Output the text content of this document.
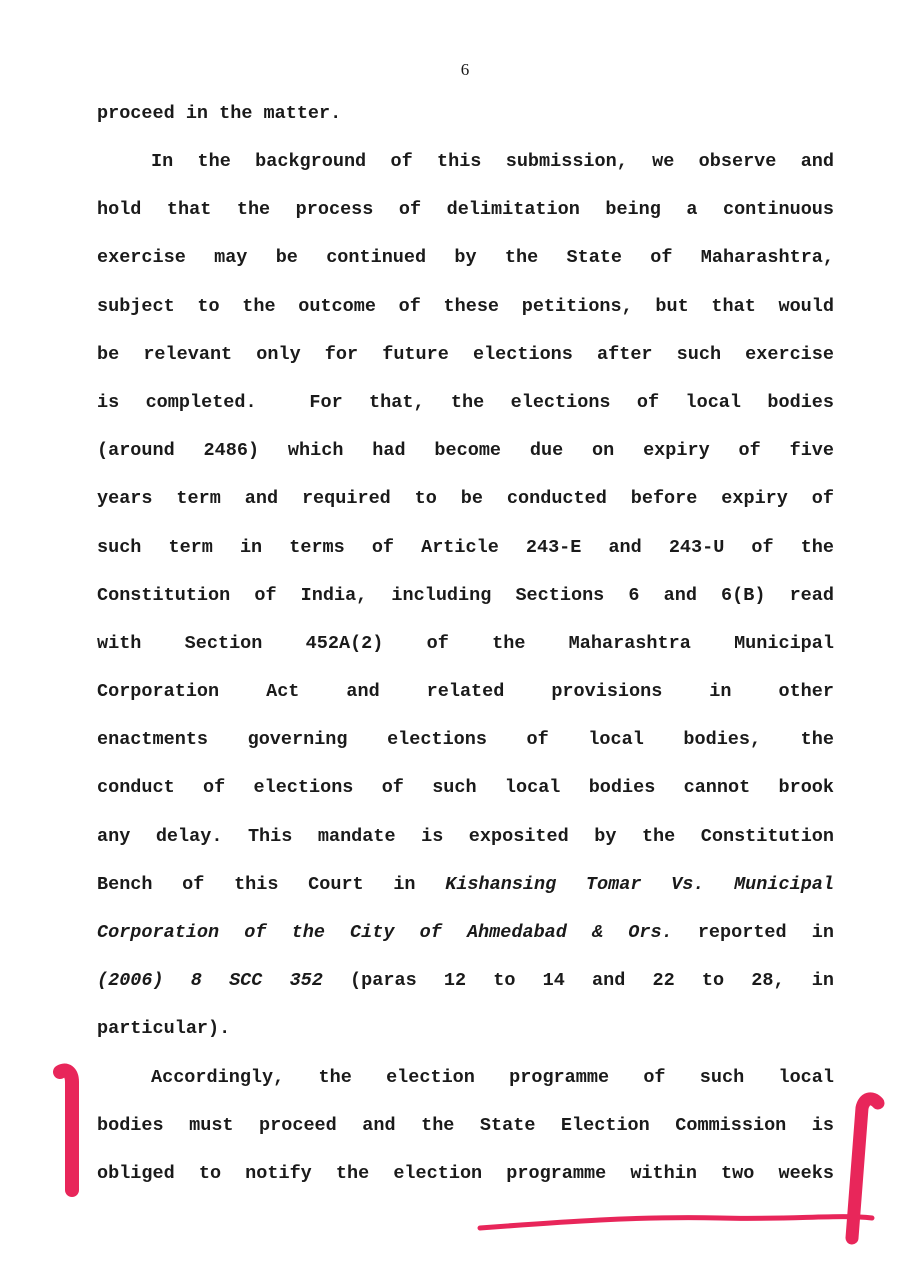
6
proceed in the matter.
In the background of this submission, we observe and
hold that the process of delimitation being a continuous
exercise may be continued by the State of Maharashtra,
subject to the outcome of these petitions, but that would
be relevant only for future elections after such exercise
is completed.  For that, the elections of local bodies
(around 2486) which had become due on expiry of five
years term and required to be conducted before expiry of
such term in terms of Article 243-E and 243-U of the
Constitution of India, including Sections 6 and 6(B) read
with Section 452A(2) of the Maharashtra Municipal
Corporation Act and related provisions in other
enactments governing elections of local bodies, the
conduct of elections of such local bodies cannot brook
any delay. This mandate is exposited by the Constitution
Bench of this Court in Kishansing Tomar Vs. Municipal
Corporation of the City of Ahmedabad & Ors. reported in
(2006) 8 SCC 352 (paras 12 to 14 and 22 to 28, in
particular).
Accordingly, the election programme of such local
bodies must proceed and the State Election Commission is
obliged to notify the election programme within two weeks
